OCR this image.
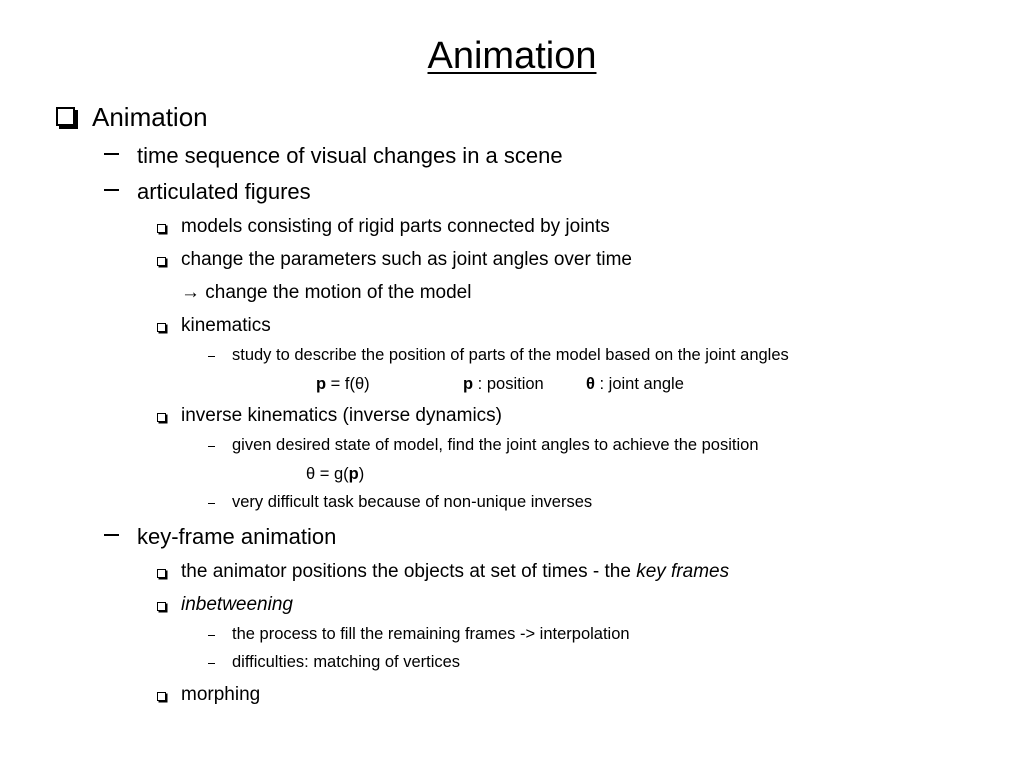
Animation
Animation
time sequence of visual changes in a scene
articulated figures
models consisting of rigid parts connected by joints
change the parameters such as joint angles over time
→ change the motion of the model
kinematics
study to describe the position of parts of the model based on the joint angles
p = f(θ)	p : position	θ : joint angle
inverse kinematics (inverse dynamics)
given desired state of model, find the joint angles to achieve the position
θ = g(p)
very difficult task because of non-unique inverses
key-frame animation
the animator positions the objects at set of times - the key frames
inbetweening
the process to fill the remaining frames -> interpolation
difficulties: matching of vertices
morphing
